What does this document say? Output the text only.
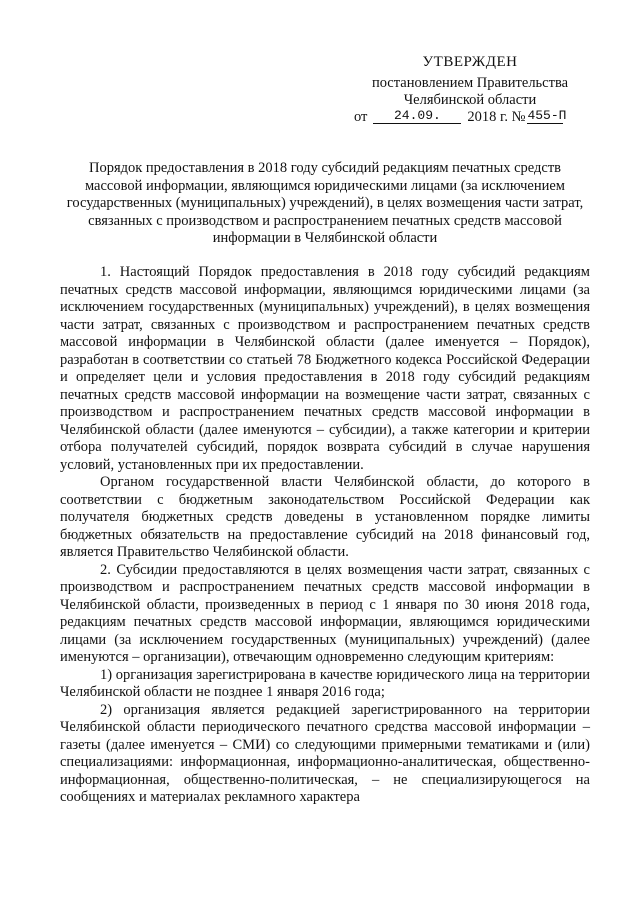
УТВЕРЖДЕН
постановлением Правительства
Челябинской области
от 24.09. 2018 г. № 455-П
Порядок предоставления в 2018 году субсидий редакциям печатных средств массовой информации, являющимся юридическими лицами (за исключением государственных (муниципальных) учреждений), в целях возмещения части затрат, связанных с производством и распространением печатных средств массовой информации в Челябинской области

1. Настоящий Порядок предоставления в 2018 году субсидий редакциям печатных средств массовой информации, являющимся юридическими лицами (за исключением государственных (муниципальных) учреждений), в целях возмещения части затрат, связанных с производством и распространением печатных средств массовой информации в Челябинской области (далее именуется – Порядок), разработан в соответствии со статьей 78 Бюджетного кодекса Российской Федерации и определяет цели и условия предоставления в 2018 году субсидий редакциям печатных средств массовой информации на возмещение части затрат, связанных с производством и распространением печатных средств массовой информации в Челябинской области (далее именуются – субсидии), а также категории и критерии отбора получателей субсидий, порядок возврата субсидий в случае нарушения условий, установленных при их предоставлении.

Органом государственной власти Челябинской области, до которого в соответствии с бюджетным законодательством Российской Федерации как получателя бюджетных средств доведены в установленном порядке лимиты бюджетных обязательств на предоставление субсидий на 2018 финансовый год, является Правительство Челябинской области.

2. Субсидии предоставляются в целях возмещения части затрат, связанных с производством и распространением печатных средств массовой информации в Челябинской области, произведенных в период с 1 января по 30 июня 2018 года, редакциям печатных средств массовой информации, являющимся юридическими лицами (за исключением государственных (муниципальных) учреждений) (далее именуются – организации), отвечающим одновременно следующим критериям:

1) организация зарегистрирована в качестве юридического лица на территории Челябинской области не позднее 1 января 2016 года;

2) организация является редакцией зарегистрированного на территории Челябинской области периодического печатного средства массовой информации – газеты (далее именуется – СМИ) со следующими примерными тематиками и (или) специализациями: информационная, информационно-аналитическая, общественно-информационная, общественно-политическая, – не специализирующегося на сообщениях и материалах рекламного характера
